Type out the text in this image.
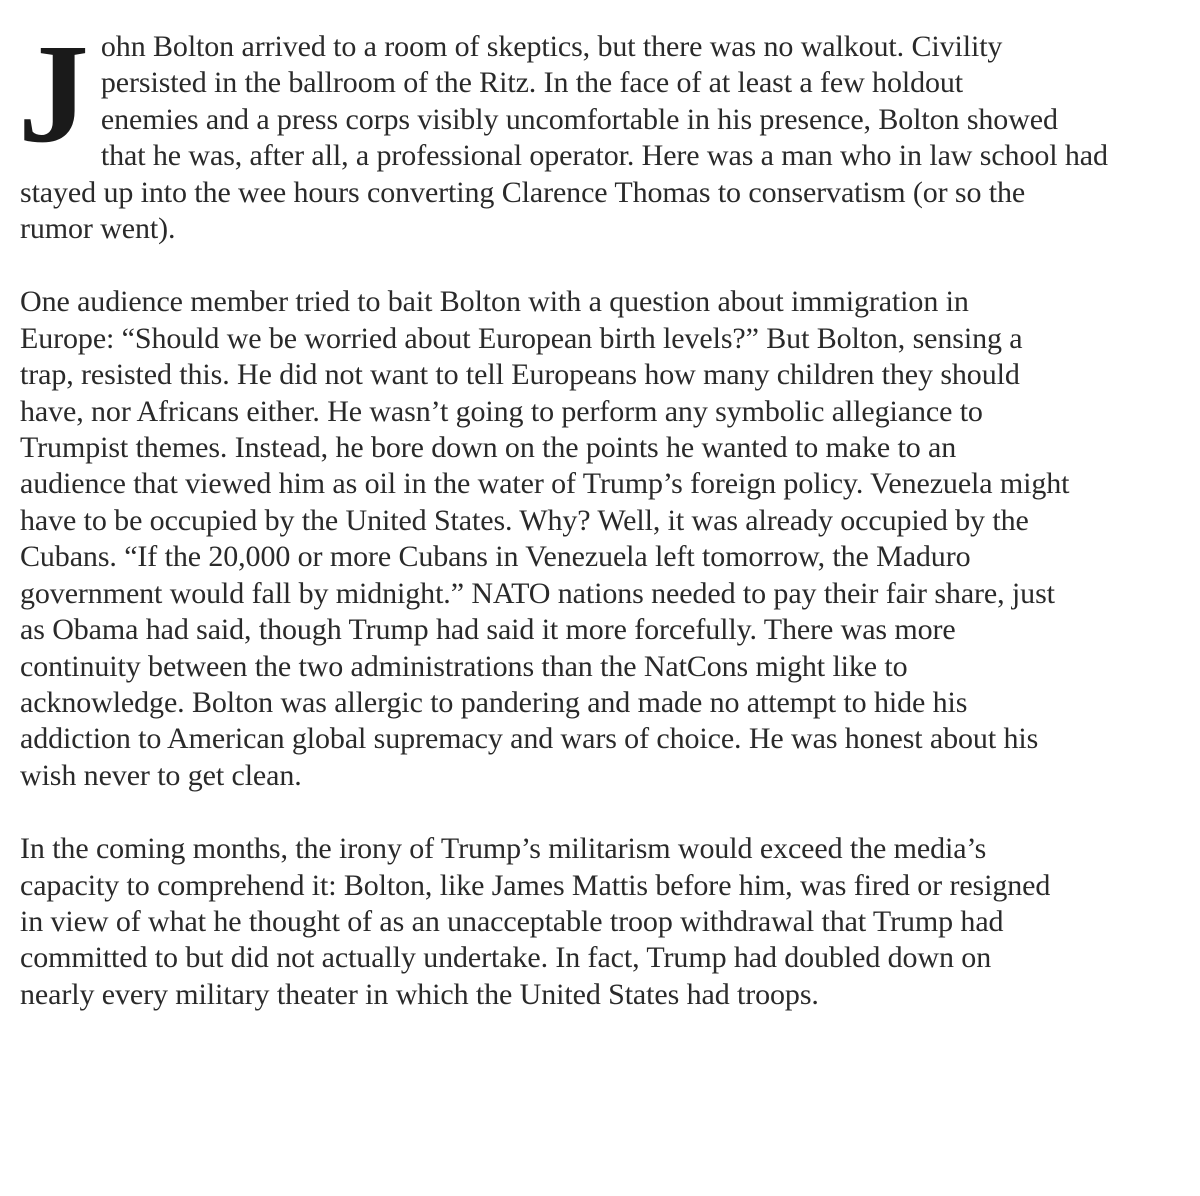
J ohn Bolton arrived to a room of skeptics, but there was no walkout. Civility
persisted in the ballroom of the Ritz. In the face of at least a few holdout
enemies and a press corps visibly uncomfortable in his presence, Bolton showed
that he was, after all, a professional operator. Here was a man who in law school had
stayed up into the wee hours converting Clarence Thomas to conservatism (or so the
rumor went).

One audience member tried to bait Bolton with a question about immigration in
Europe: “Should we be worried about European birth levels?” But Bolton, sensing a
trap, resisted this. He did not want to tell Europeans how many children they should
have, nor Africans either. He wasn’t going to perform any symbolic allegiance to
Trumpist themes. Instead, he bore down on the points he wanted to make to an
audience that viewed him as oil in the water of Trump’s foreign policy. Venezuela might
have to be occupied by the United States. Why? Well, it was already occupied by the
Cubans. “If the 20,000 or more Cubans in Venezuela left tomorrow, the Maduro
government would fall by midnight.” NATO nations needed to pay their fair share, just
as Obama had said, though Trump had said it more forcefully. There was more
continuity between the two administrations than the NatCons might like to
acknowledge. Bolton was allergic to pandering and made no attempt to hide his
addiction to American global supremacy and wars of choice. He was honest about his
wish never to get clean.

In the coming months, the irony of Trump’s militarism would exceed the media’s
capacity to comprehend it: Bolton, like James Mattis before him, was fired or resigned
in view of what he thought of as an unacceptable troop withdrawal that Trump had
committed to but did not actually undertake. In fact, Trump had doubled down on
nearly every military theater in which the United States had troops.
